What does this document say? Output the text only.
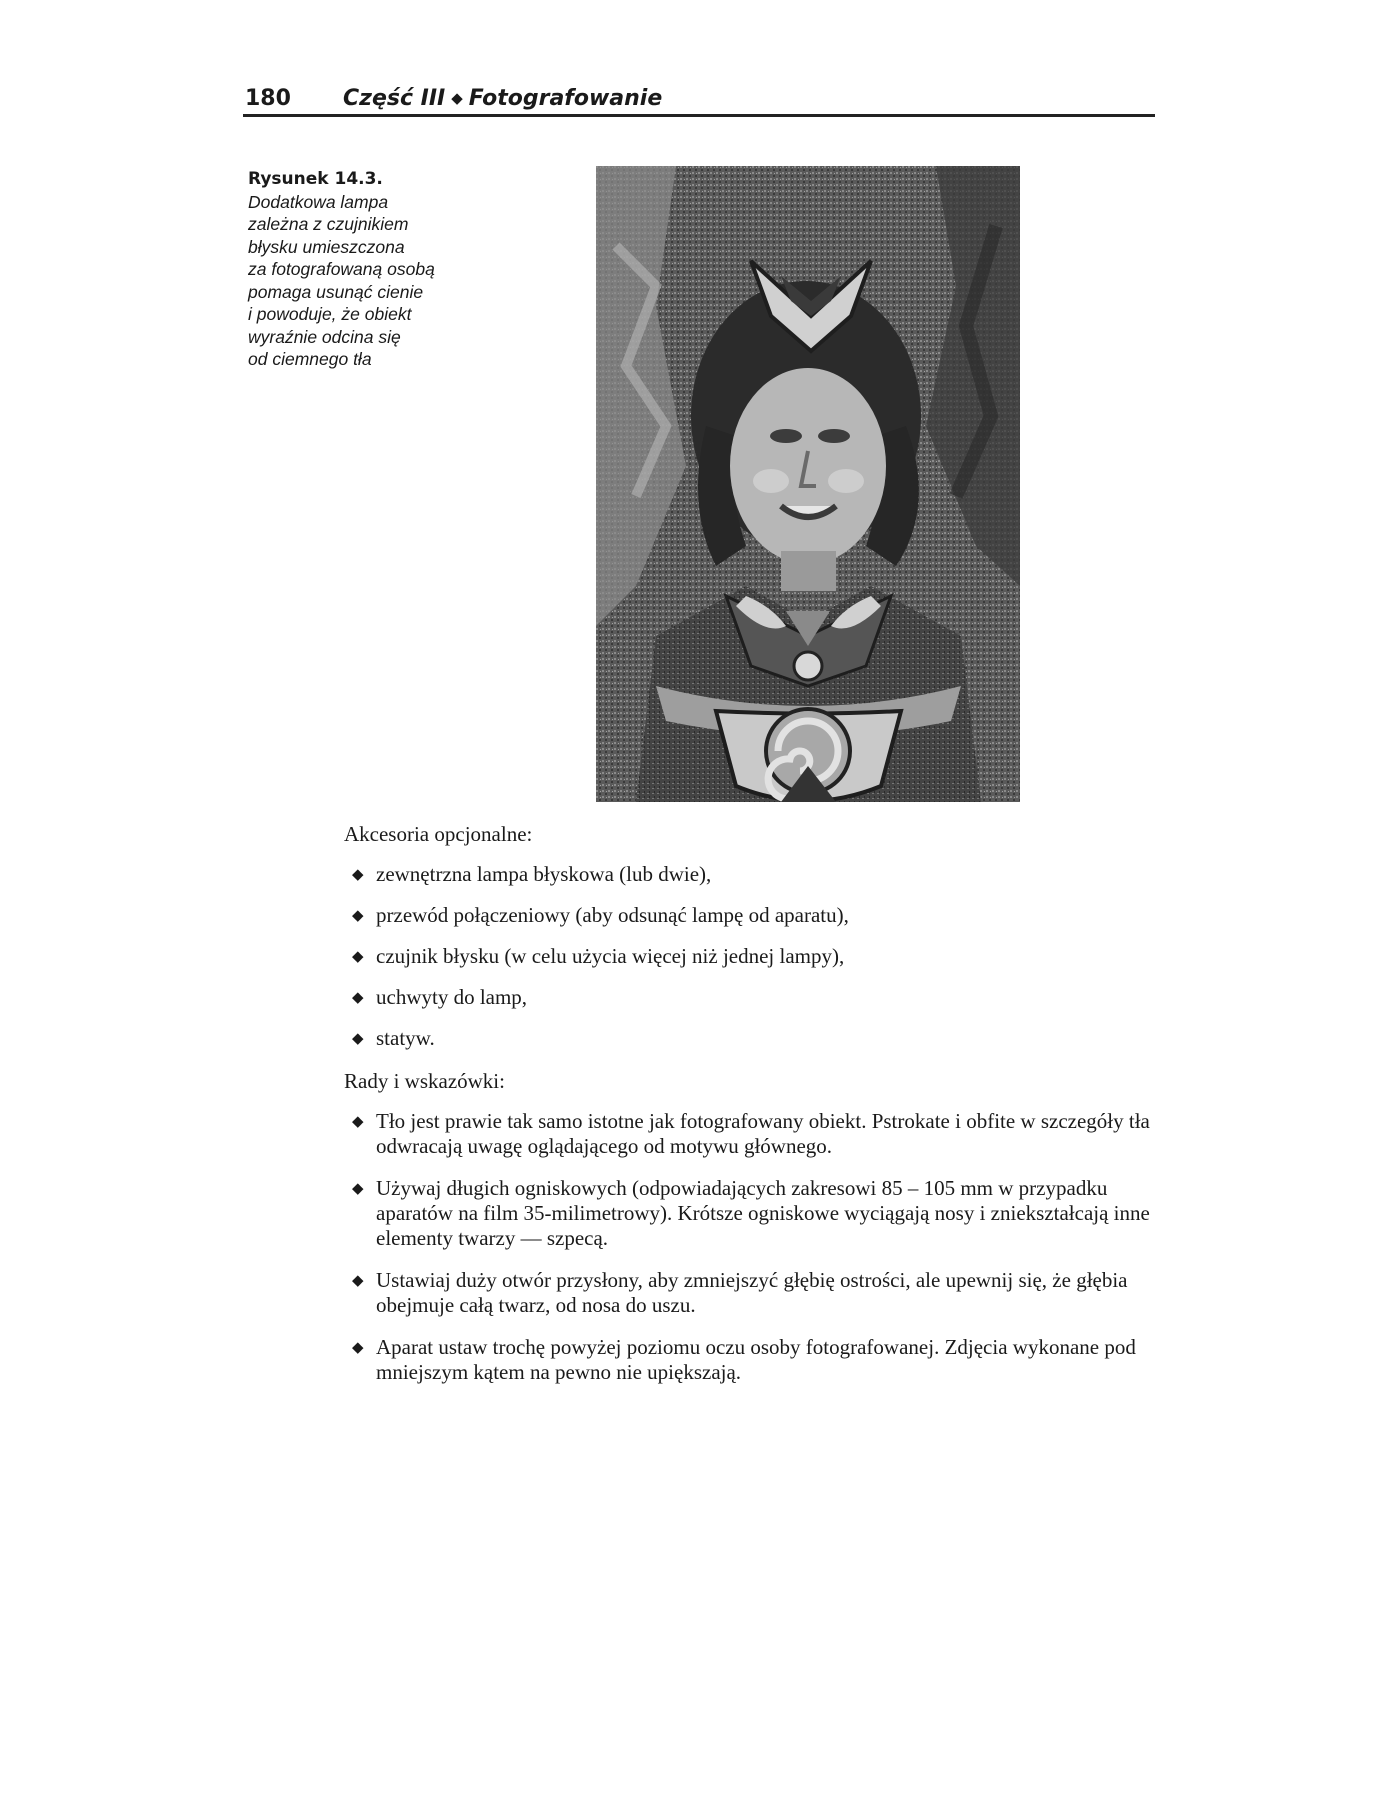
180 Część III ◆ Fotografowanie
Rysunek 14.3.
Dodatkowa lampa
zależna z czujnikiem
błysku umieszczona
za fotografowaną osobą
pomaga usunąć cienie
i powoduje, że obiekt
wyraźnie odcina się
od ciemnego tła

Akcesoria opcjonalne:

◆ zewnętrzna lampa błyskowa (lub dwie),
◆ przewód połączeniowy (aby odsunąć lampę od aparatu),
◆ czujnik błysku (w celu użycia więcej niż jednej lampy),
◆ uchwyty do lamp,
◆ statyw.

Rady i wskazówki:

◆ Tło jest prawie tak samo istotne jak fotografowany obiekt. Pstrokate i obfite w szczegóły tła odwracają uwagę oglądającego od motywu głównego.
◆ Używaj długich ogniskowych (odpowiadających zakresowi 85 – 105 mm w przypadku aparatów na film 35-milimetrowy). Krótsze ogniskowe wyciągają nosy i zniekształcają inne elementy twarzy — szpecą.
◆ Ustawiaj duży otwór przysłony, aby zmniejszyć głębię ostrości, ale upewnij się, że głębia obejmuje całą twarz, od nosa do uszu.
◆ Aparat ustaw trochę powyżej poziomu oczu osoby fotografowanej. Zdjęcia wykonane pod mniejszym kątem na pewno nie upiększają.
